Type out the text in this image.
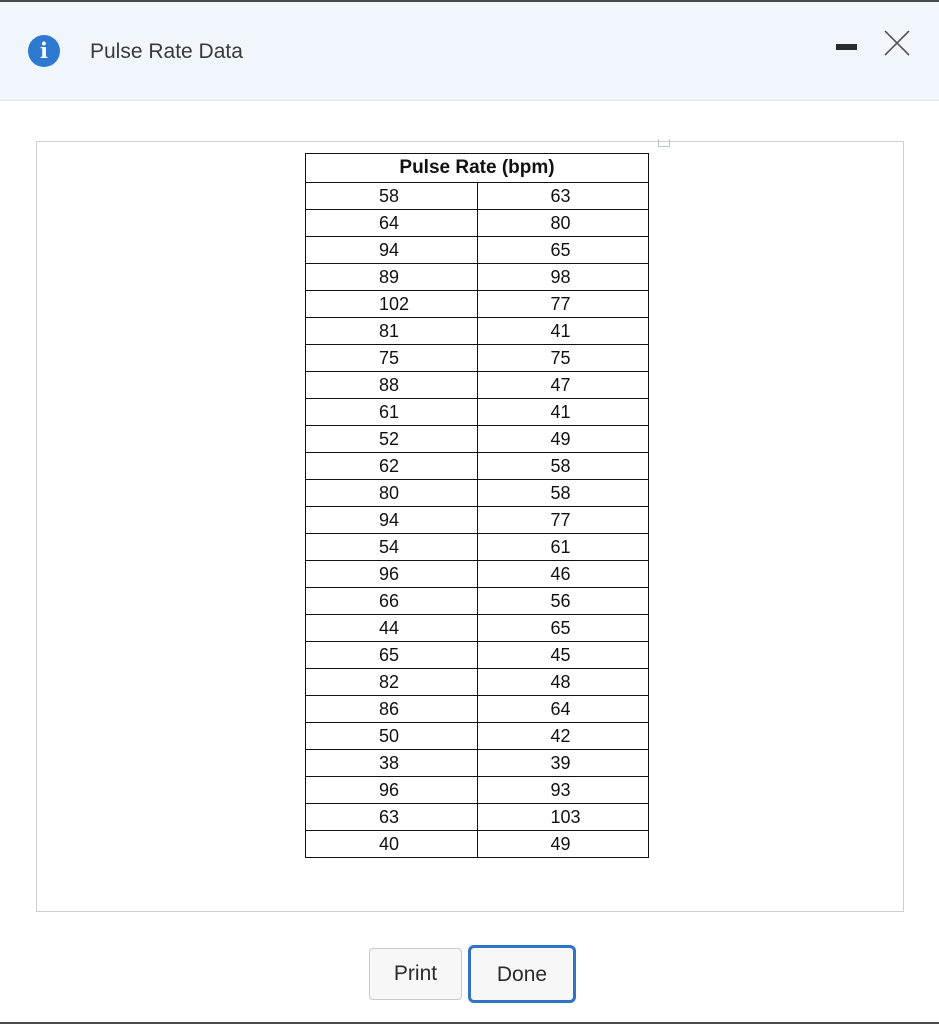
i	Pulse Rate Data
Pulse Rate (bpm)	
58	63
64	80
94	65
89	98
102	77
81	41
75	75
88	47
61	41
52	49
62	58
80	58
94	77
54	61
96	46
66	56
44	65
65	45
82	48
86	64
50	42
38	39
96	93
63	103
40	49
Print	Done
